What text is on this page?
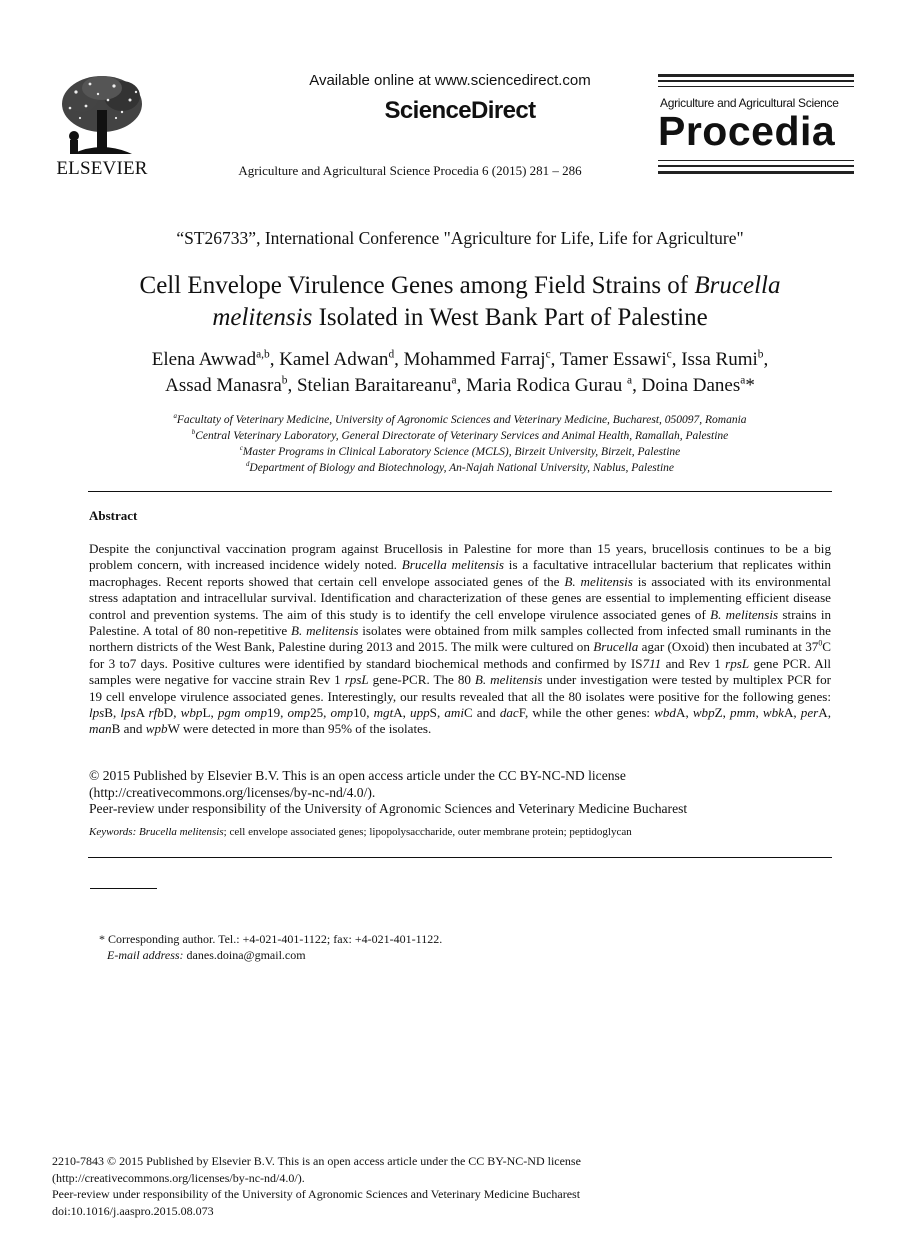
ELSEVIER
Available online at www.sciencedirect.com
ScienceDirect
Agriculture and Agricultural Science Procedia 6 (2015) 281 – 286
Agriculture and Agricultural Science
Procedia
“ST26733”, International Conference "Agriculture for Life, Life for Agriculture"
Cell Envelope Virulence Genes among Field Strains of Brucella
melitensis Isolated in West Bank Part of Palestine
Elena Awwad$^{a,b}$, Kamel Adwan$^d$, Mohammed Farraj$^c$, Tamer Essawi$^c$, Issa Rumi$^b$,
Assad Manasra$^b$, Stelian Baraitareanu$^a$, Maria Rodica Gurau $^a$, Doina Danes$^a$*
$^a$Facultaty of Veterinary Medicine, University of Agronomic Sciences and Veterinary Medicine, Bucharest, 050097, Romania
$^b$Central Veterinary Laboratory, General Directorate of Veterinary Services and Animal Health, Ramallah, Palestine
$^c$Master Programs in Clinical Laboratory Science (MCLS), Birzeit University, Birzeit, Palestine
$^d$Department of Biology and Biotechnology, An-Najah National University, Nablus, Palestine
Abstract
Despite the conjunctival vaccination program against Brucellosis in Palestine for more than 15 years, brucellosis continues to be a big problem concern, with increased incidence widely noted. Brucella melitensis is a facultative intracellular bacterium that replicates within macrophages. Recent reports showed that certain cell envelope associated genes of the B. melitensis is associated with its environmental stress adaptation and intracellular survival. Identification and characterization of these genes are essential to implementing efficient disease control and prevention systems. The aim of this study is to identify the cell envelope virulence associated genes of B. melitensis strains in Palestine. A total of 80 non-repetitive B. melitensis isolates were obtained from milk samples collected from infected small ruminants in the northern districts of the West Bank, Palestine during 2013 and 2015. The milk were cultured on Brucella agar (Oxoid) then incubated at $37^0C$ for 3 to7 days. Positive cultures were identified by standard biochemical methods and confirmed by IS711 and Rev 1 rpsL gene PCR. All samples were negative for vaccine strain Rev 1 rpsL gene-PCR. The 80 B. melitensis under investigation were tested by multiplex PCR for 19 cell envelope virulence associated genes. Interestingly, our results revealed that all the 80 isolates were positive for the following genes: lpsB, lpsA rfbD, wbpL, pgm omp19, omp25, omp10, mgtA, uppS, amiC and dacF, while the other genes: wbdA, wbpZ, pmm, wbkA, perA, manB and wpbW were detected in more than 95% of the isolates.
© 2015 Published by Elsevier B.V. This is an open access article under the CC BY-NC-ND license
(http://creativecommons.org/licenses/by-nc-nd/4.0/).
Peer-review under responsibility of the University of Agronomic Sciences and Veterinary Medicine Bucharest
Keywords: Brucella melitensis; cell envelope associated genes; lipopolysaccharide, outer membrane protein; peptidoglycan
* Corresponding author. Tel.: +4-021-401-1122; fax: +4-021-401-1122.
E-mail address: danes.doina@gmail.com
2210-7843 © 2015 Published by Elsevier B.V. This is an open access article under the CC BY-NC-ND license
(http://creativecommons.org/licenses/by-nc-nd/4.0/).
Peer-review under responsibility of the University of Agronomic Sciences and Veterinary Medicine Bucharest
doi:10.1016/j.aaspro.2015.08.073
